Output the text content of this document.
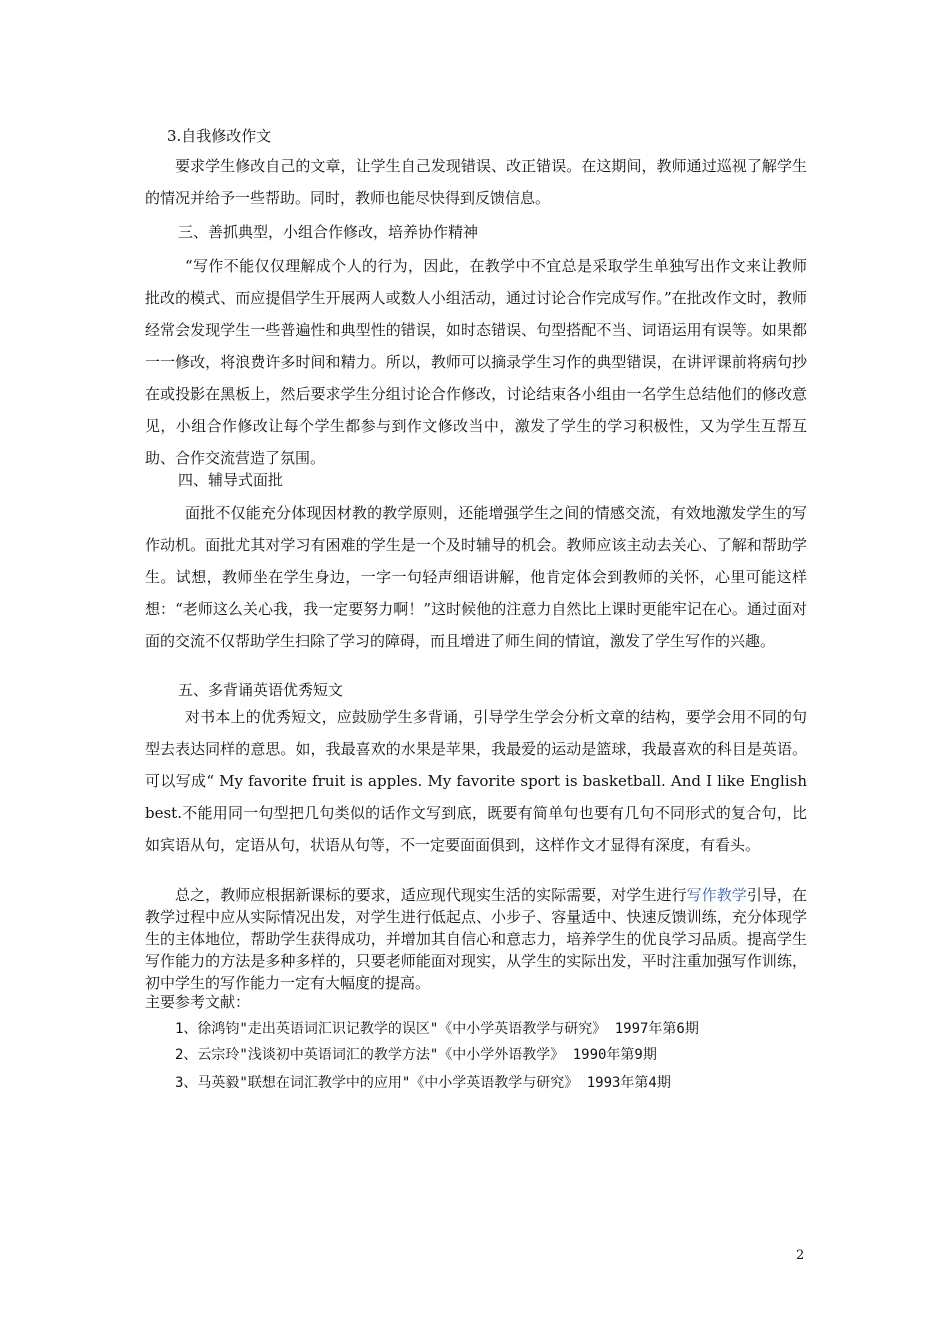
3.自我修改作文

要求学生修改自己的文章，让学生自己发现错误、改正错误。在这期间，教师通过巡视了解学生的情况并给予一些帮助。同时，教师也能尽快得到反馈信息。

三、善抓典型，小组合作修改，培养协作精神

“写作不能仅仅理解成个人的行为，因此，在教学中不宜总是采取学生单独写出作文来让教师批改的模式、而应提倡学生开展两人或数人小组活动，通过讨论合作完成写作。”在批改作文时，教师经常会发现学生一些普遍性和典型性的错误，如时态错误、句型搭配不当、词语运用有误等。如果都一一修改，将浪费许多时间和精力。所以，教师可以摘录学生习作的典型错误，在讲评课前将病句抄在或投影在黑板上，然后要求学生分组讨论合作修改，讨论结束各小组由一名学生总结他们的修改意见，小组合作修改让每个学生都参与到作文修改当中，激发了学生的学习积极性，又为学生互帮互助、合作交流营造了氛围。

四、辅导式面批

面批不仅能充分体现因材教的教学原则，还能增强学生之间的情感交流，有效地激发学生的写作动机。面批尤其对学习有困难的学生是一个及时辅导的机会。教师应该主动去关心、了解和帮助学生。试想，教师坐在学生身边，一字一句轻声细语讲解，他肯定体会到教师的关怀，心里可能这样想：“老师这么关心我，我一定要努力啊！”这时候他的注意力自然比上课时更能牢记在心。通过面对面的交流不仅帮助学生扫除了学习的障碍，而且增进了师生间的情谊，激发了学生写作的兴趣。

五、多背诵英语优秀短文

对书本上的优秀短文，应鼓励学生多背诵，引导学生学会分析文章的结构，要学会用不同的句型去表达同样的意思。如，我最喜欢的水果是苹果，我最爱的运动是篮球，我最喜欢的科目是英语。可以写成“ My favorite fruit is apples. My favorite sport is basketball. And I like English best.不能用同一句型把几句类似的话作文写到底，既要有简单句也要有几句不同形式的复合句，比如宾语从句，定语从句，状语从句等，不一定要面面俱到，这样作文才显得有深度，有看头。

总之，教师应根据新课标的要求，适应现代现实生活的实际需要，对学生进行写作教学引导，在教学过程中应从实际情况出发，对学生进行低起点、小步子、容量适中、快速反馈训练，充分体现学生的主体地位，帮助学生获得成功，并增加其自信心和意志力，培养学生的优良学习品质。提高学生写作能力的方法是多种多样的，只要老师能面对现实，从学生的实际出发，平时注重加强写作训练，初中学生的写作能力一定有大幅度的提高。

主要参考文献：

1、徐鸿钧"走出英语词汇识记教学的误区"《中小学英语教学与研究》 1997年第6期

2、云宗玲"浅谈初中英语词汇的教学方法"《中小学外语教学》 1990年第9期

3、马英毅"联想在词汇教学中的应用"《中小学英语教学与研究》 1993年第4期

2
